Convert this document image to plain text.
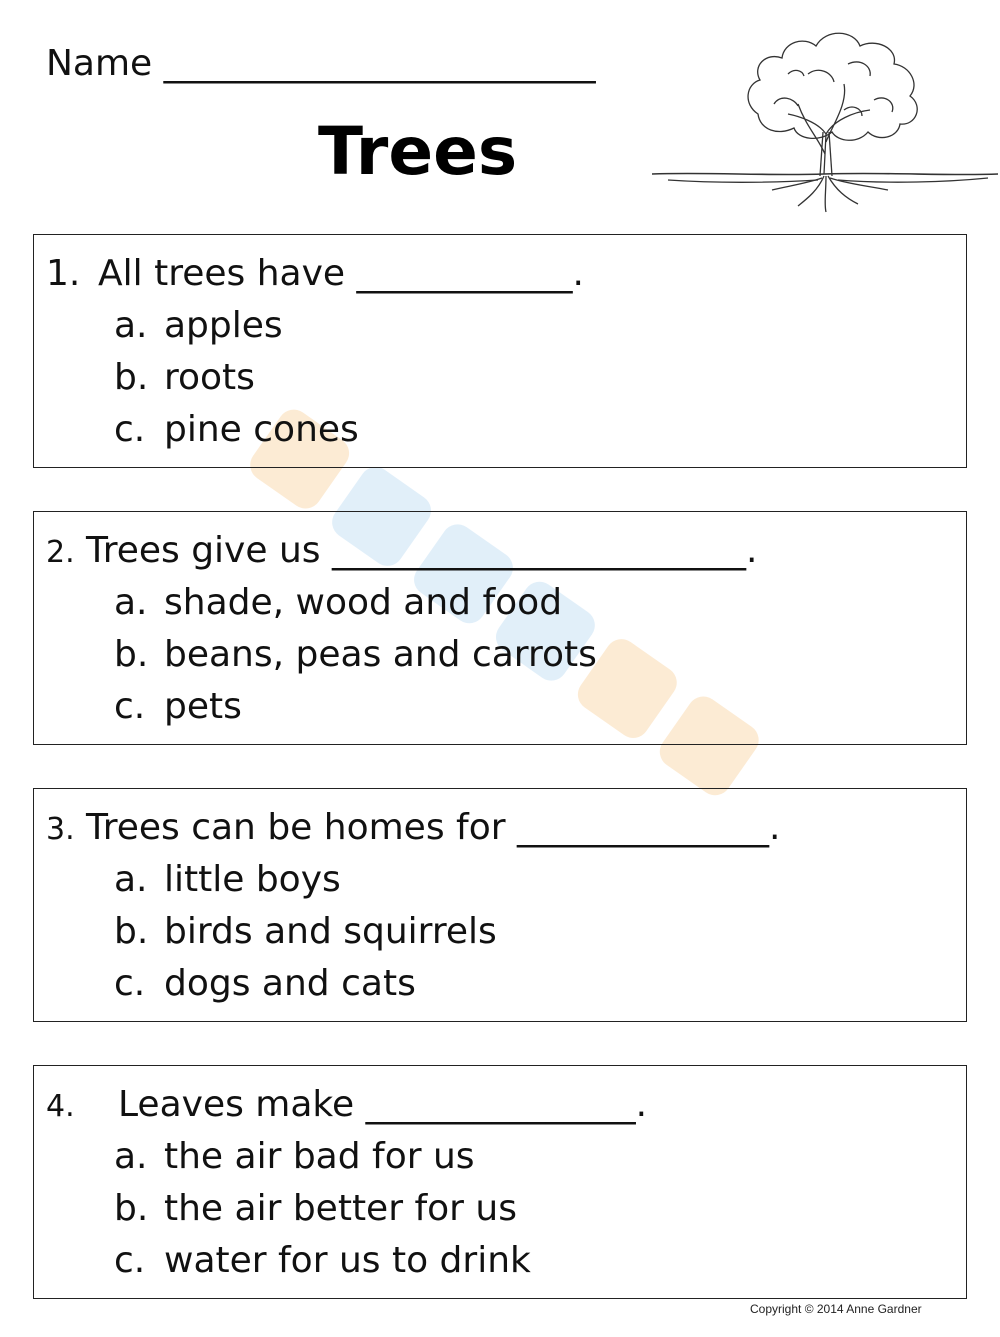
Name ________________________
Trees
1. All trees have ____________.
a. apples
b. roots
c. pine cones
2. Trees give us _______________________.
a. shade, wood and food
b. beans, peas and carrots
c. pets
3. Trees can be homes for ______________.
a. little boys
b. birds and squirrels
c. dogs and cats
4. Leaves make _______________.
a. the air bad for us
b. the air better for us
c. water for us to drink
Copyright © 2014 Anne Gardner
